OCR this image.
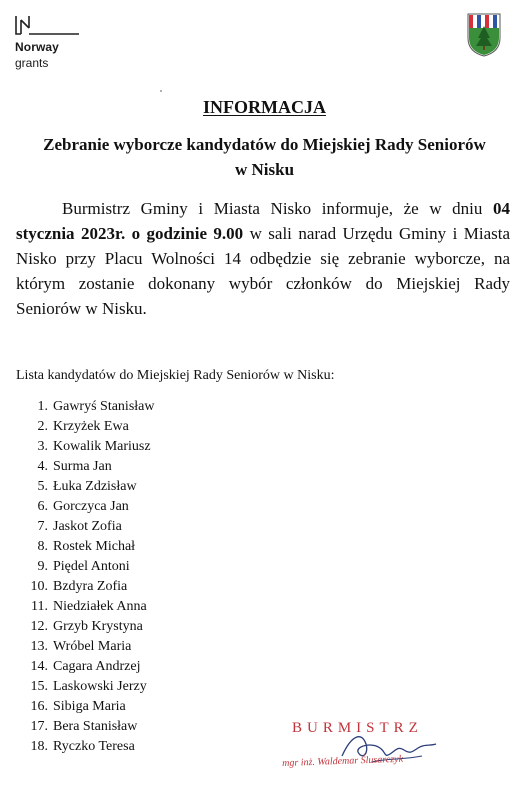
Norway
grants
INFORMACJA
Zebranie wyborcze kandydatów do Miejskiej Rady Seniorów w Nisku
Burmistrz Gminy i Miasta Nisko informuje, że w dniu 04 stycznia 2023r. o godzinie 9.00 w sali narad Urzędu Gminy i Miasta Nisko przy Placu Wolności 14 odbędzie się zebranie wyborcze, na którym zostanie dokonany wybór członków do Miejskiej Rady Seniorów w Nisku.
Lista kandydatów do Miejskiej Rady Seniorów w Nisku:
1. Gawryś Stanisław
2. Krzyżek Ewa
3. Kowalik Mariusz
4. Surma Jan
5. Łuka Zdzisław
6. Gorczyca Jan
7. Jaskot Zofia
8. Rostek Michał
9. Piędel Antoni
10. Bzdyra Zofia
11. Niedziałek Anna
12. Grzyb Krystyna
13. Wróbel Maria
14. Cagara Andrzej
15. Laskowski Jerzy
16. Sibiga Maria
17. Bera Stanisław
18. Ryczko Teresa
BURMISTRZ
mgr inż. Waldemar Ślusarczyk
